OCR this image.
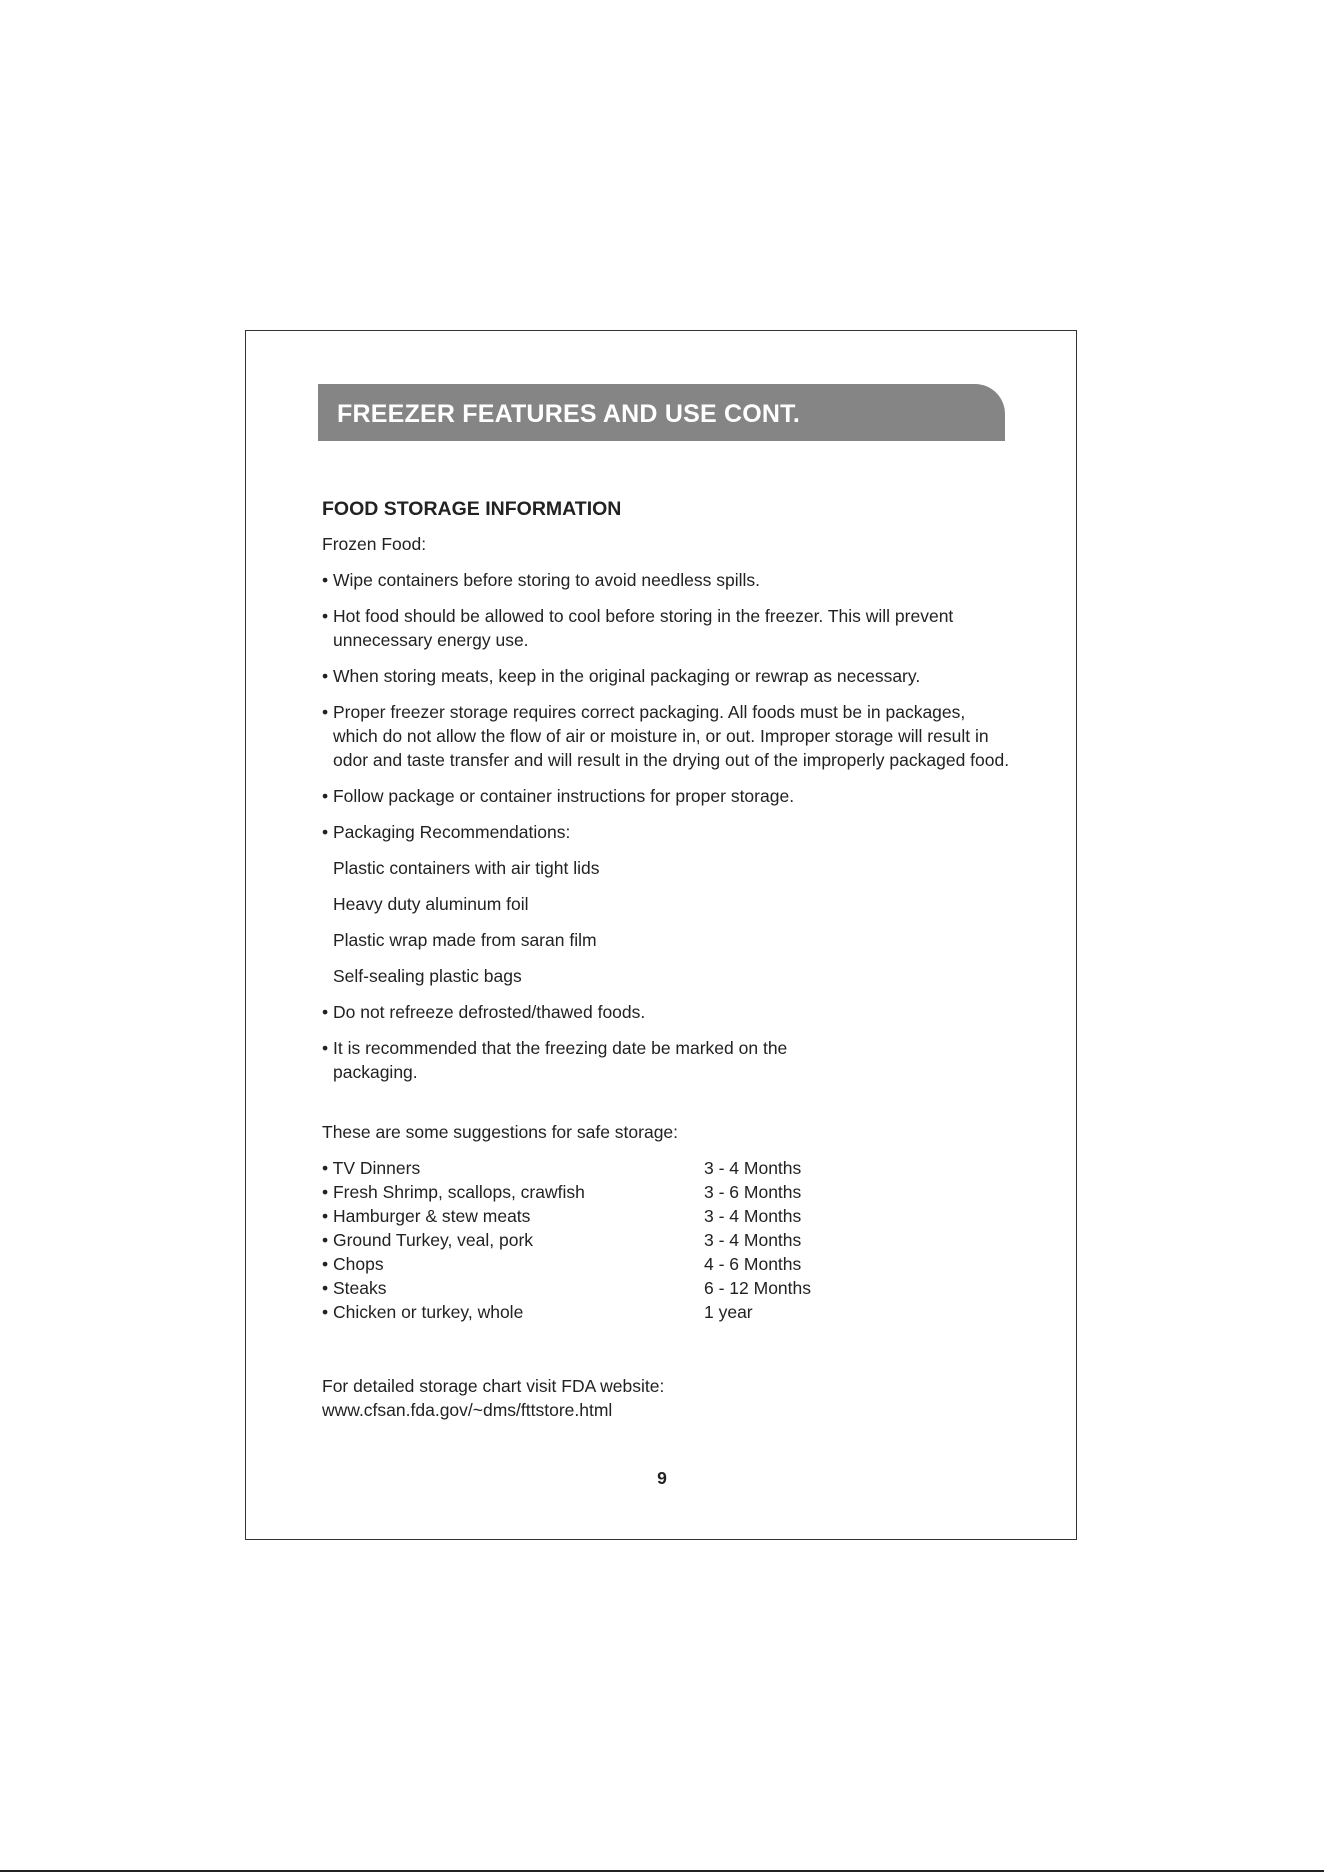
FREEZER FEATURES AND USE CONT.
FOOD STORAGE INFORMATION
Frozen Food:
• Wipe containers before storing to avoid needless spills.
• Hot food should be allowed to cool before storing in the freezer. This will prevent unnecessary energy use.
• When storing meats, keep in the original packaging or rewrap as necessary.
• Proper freezer storage requires correct packaging. All foods must be in packages, which do not allow the flow of air or moisture in, or out. Improper storage will result in odor and taste transfer and will result in the drying out of the improperly packaged food.
• Follow package or container instructions for proper storage.
• Packaging Recommendations:
Plastic containers with air tight lids
Heavy duty aluminum foil
Plastic wrap made from saran film
Self-sealing plastic bags
• Do not refreeze defrosted/thawed foods.
• It is recommended that the freezing date be marked on the packaging.
These are some suggestions for safe storage:
• TV Dinners	3 - 4 Months
• Fresh Shrimp, scallops, crawfish	3 - 6 Months
• Hamburger & stew meats	3 - 4 Months
• Ground Turkey, veal, pork	3 - 4 Months
• Chops	4 - 6 Months
• Steaks	6 - 12 Months
• Chicken or turkey, whole	1 year
For detailed storage chart visit FDA website:
www.cfsan.fda.gov/~dms/fttstore.html
9
